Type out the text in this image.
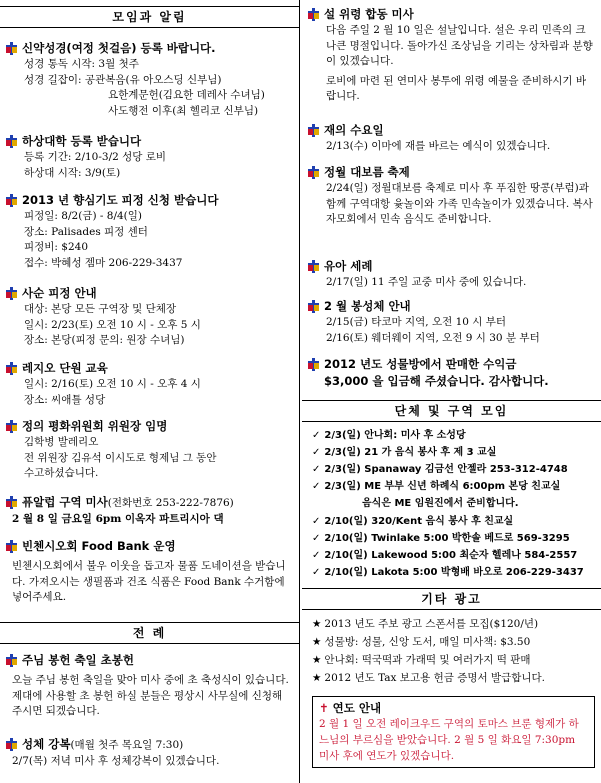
모임과 알림
신약성경(여정 첫걸음) 등록 바랍니다.
성경 통독 시작: 3월 첫주
성경 길잡이: 공관복음(유 아오스딩 신부님)
요한계문헌(김요한 데레사 수녀님)
사도행전 이후(최 헬리코 신부님)
하상대학 등록 받습니다
등록 기간: 2/10-3/2 성당 로비
하상대 시작: 3/9(토)
2013 년 향심기도 피정 신청 받습니다
피정일: 8/2(금) - 8/4(일)
장소: Palisades 피정 센터
피정비: $240
접수: 박혜성 젬마 206-229-3437
사순 피정 안내
대상: 본당 모든 구역장 및 단체장
일시: 2/23(토) 오전 10 시 - 오후 5 시
장소: 본당(피정 문의: 원장 수녀님)
레지오 단원 교육
일시: 2/16(토) 오전 10 시 - 오후 4 시
장소: 씨애틀 성당
정의 평화위원회 위원장 임명
김학병 발레리오
전 위원장 김유석 이시도로 형제님 그 동안
수고하셨습니다.
퓨알럽 구역 미사(전화번호 253-222-7876)
2 월 8 일 금요일 6pm 이옥자 파트리시아 댁
빈첸시오회 Food Bank 운영
빈첸시오회에서 불우 이웃을 돕고자 물품 도네이션을 받습니다. 가져오시는 생필품과 건조 식품은 Food Bank 수거함에 넣어주세요.
전 례
주님 봉헌 축일 초봉헌
오늘 주님 봉헌 축일을 맞아 미사 중에 초 축성식이 있습니다. 제대에 사용할 초 봉헌 하실 분들은 평상시 사무실에 신청해 주시면 되겠습니다.
성체 강복(매월 첫주 목요일 7:30)
2/7(목) 저녁 미사 후 성체강복이 있겠습니다.
설 위령 합동 미사
다음 주일 2 월 10 일은 설날입니다. 설은 우리 민족의 크나큰 명절입니다. 돌아가신 조상님을 기리는 상차림과 분향이 있겠습니다.
로비에 마련 된 연미사 봉투에 위령 예물을 준비하시기 바랍니다.
재의 수요일
2/13(수) 이마에 재를 바르는 예식이 있겠습니다.
정월 대보름 축제
2/24(일) 정월대보름 축제로 미사 후 푸짐한 땅콩(부럼)과 함께 구역대항 윷놀이와 가족 민속놀이가 있겠습니다. 복사 자모회에서 민속 음식도 준비합니다.
유아 세례
2/17(일) 11 주일 교중 미사 중에 있습니다.
2 월 봉성체 안내
2/15(금) 타코마 지역, 오전 10 시 부터
2/16(토) 웨더웨이 지역, 오전 9 시 30 분 부터
2012 년도 성물방에서 판매한 수익금
$3,000 을 입금해 주셨습니다. 감사합니다.
단체 및 구역 모임
✓ 2/3(일) 안나회: 미사 후 소성당
✓ 2/3(일) 21 가 음식 봉사 후 제 3 교실
✓ 2/3(일) Spanaway 김금선 안젤라 253-312-4748
✓ 2/3(일) ME 부부 신년 하례식 6:00pm 본당 친교실
음식은 ME 임원진에서 준비합니다.
✓ 2/10(일) 320/Kent 음식 봉사 후 친교실
✓ 2/10(일) Twinlake 5:00 박한솔 베드로 569-3295
✓ 2/10(일) Lakewood 5:00 최순자 헬레나 584-2557
✓ 2/10(일) Lakota 5:00 박형배 바오로 206-229-3437
기타 광고
★ 2013 년도 주보 광고 스폰서를 모집($120/년)
★ 성물방: 성물, 신앙 도서, 매일 미사책: $3.50
★ 안나회: 떡국떡과 가래떡 및 여러가지 떡 판매
★ 2012 년도 Tax 보고용 헌금 증명서 발급합니다.
✝ 연도 안내
2 월 1 일 오전 레이크우드 구역의 토마스 브룬 형제가 하느님의 부르심을 받았습니다. 2 월 5 일 화요일 7:30pm 미사 후에 연도가 있겠습니다.
